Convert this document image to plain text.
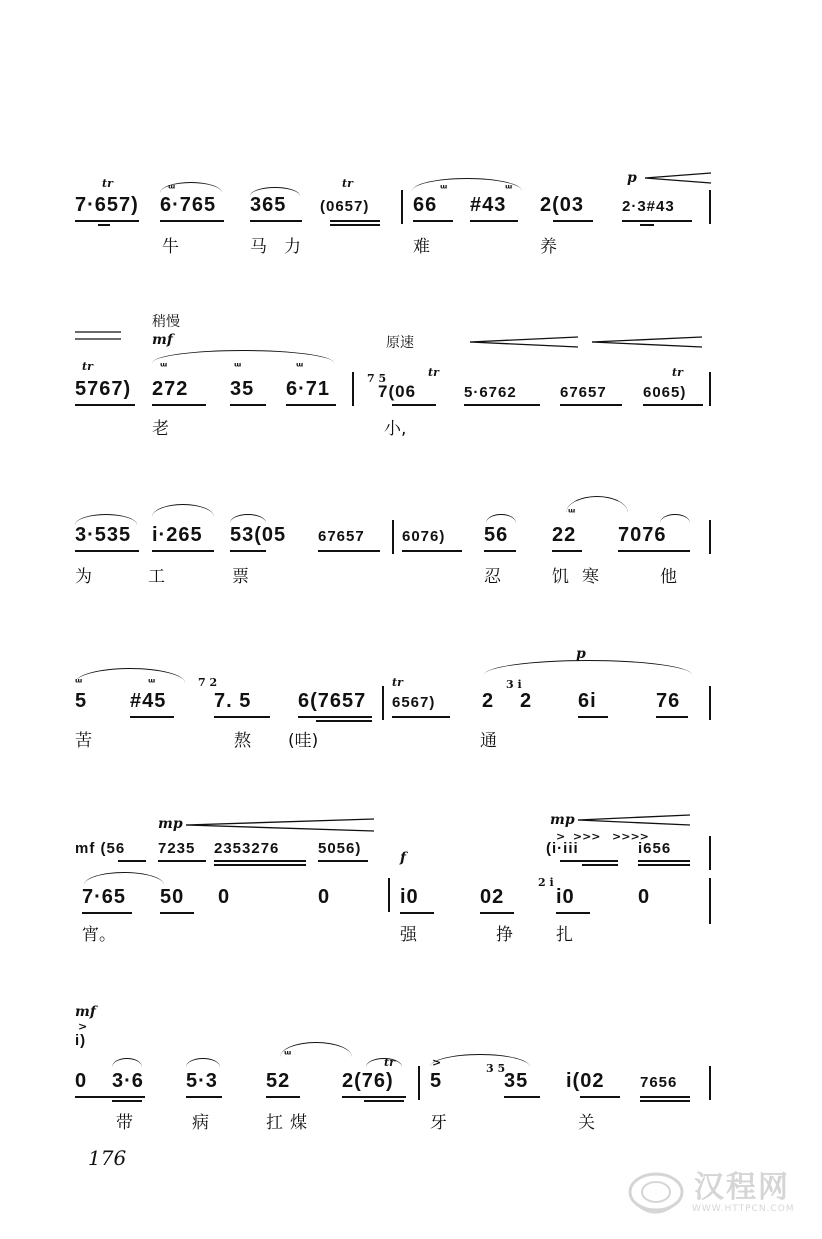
tr	tr	p
ᵚ	ᵚ	ᵚ
7·657) 6·765 365 (0657) 66 #43 2(03	2·3#43
牛	马 力	难	养
稍慢
mf	原速
tr	tr	tr
ᵚ	ᵚ	ᵚ
7 5
5767) 272 35 6·71	7(06	5·6762	67657 6065)
老	小,
ᵚ
3·535 i·265 53(05 67657 6076) 56 22 7076
为	工	票	忍	饥 寒	他
p
ᵚ	ᵚ	7 2	tr	3 i
5 #45 7. 5 6(7657 6567) 2 2 6i	76
苦	熬 (哇)	通
mp	mp
mf (56 7235 2353276	5056)	(i·iii	i656
>  >>>   >>>>
f
2 i
7·65 50 0	0	i0	02	i0	0
宵。	强	挣	扎
mf
>
i)
ᵚ
tr	>	3 5
0 3·6 5·3 52	2(76) 5	35 i(02 7656
带	病	扛 煤	牙	关
176
汉程网
WWW.HTTPCN.COM
